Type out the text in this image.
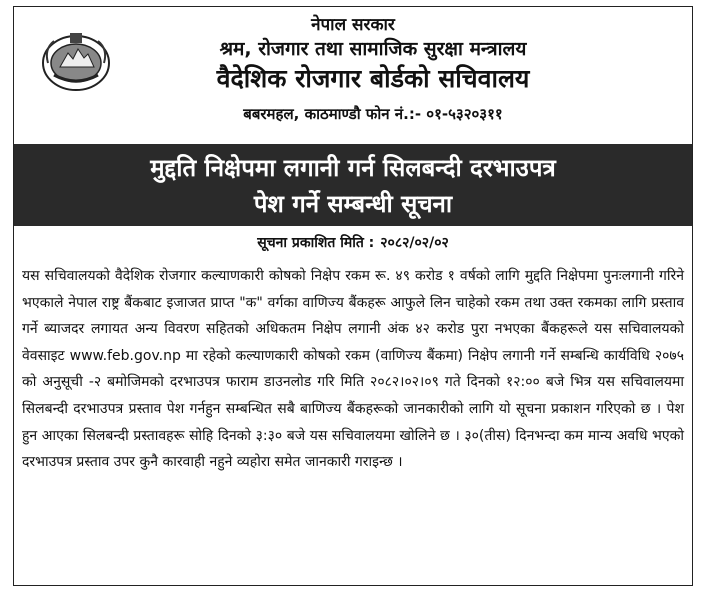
नेपाल सरकार
श्रम, रोजगार तथा सामाजिक सुरक्षा मन्त्रालय
वैदेशिक रोजगार बोर्डको सचिवालय
बबरमहल, काठमाण्डौ फोन नं.:- ०१-५३२०३११
मुद्दति निक्षेपमा लगानी गर्न सिलबन्दी दरभाउपत्र
पेश गर्ने सम्बन्धी सूचना
सूचना प्रकाशित मिति : २०८२/०२/०२
यस सचिवालयको वैदेशिक रोजगार कल्याणकारी कोषको निक्षेप रकम रू. ४९ करोड १ वर्षको लागि मुद्दति निक्षेपमा पुनःलगानी गरिने भएकाले नेपाल राष्ट्र बैंकबाट इजाजत प्राप्त "क" वर्गका वाणिज्य बैंकहरू आफुले लिन चाहेको रकम तथा उक्त रकमका लागि प्रस्ताव गर्ने ब्याजदर लगायत अन्य विवरण सहितको अधिकतम निक्षेप लगानी अंक ४२ करोड पुरा नभएका बैंकहरूले यस सचिवालयको वेवसाइट www.feb.gov.np मा रहेको कल्याणकारी कोषको रकम (वाणिज्य बैंकमा) निक्षेप लगानी गर्ने सम्बन्धि कार्यविधि २०७५ को अनुसूची -२ बमोजिमको दरभाउपत्र फाराम डाउनलोड गरि मिति २०८२।०२।०९ गते दिनको १२:०० बजे भित्र यस सचिवालयमा सिलबन्दी दरभाउपत्र प्रस्ताव पेश गर्नहुन सम्बन्धित सबै बाणिज्य बैंकहरूको जानकारीको लागि यो सूचना प्रकाशन गरिएको छ । पेश हुन आएका सिलबन्दी प्रस्तावहरू सोहि दिनको ३:३० बजे यस सचिवालयमा खोलिने छ । ३०(तीस) दिनभन्दा कम मान्य अवधि भएको दरभाउपत्र प्रस्ताव उपर कुनै कारवाही नहुने व्यहोरा समेत जानकारी गराइन्छ ।
